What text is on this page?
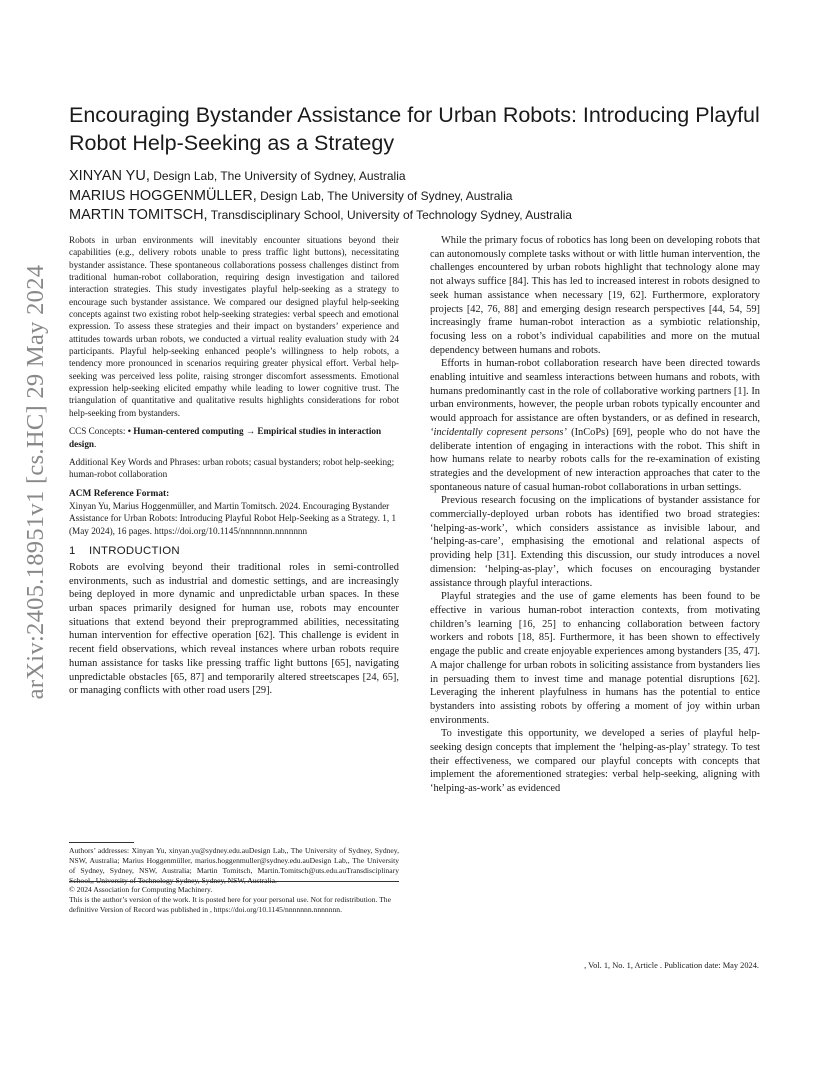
arXiv:2405.18951v1 [cs.HC] 29 May 2024
Encouraging Bystander Assistance for Urban Robots: Introducing Playful Robot Help-Seeking as a Strategy
XINYAN YU, Design Lab, The University of Sydney, Australia
MARIUS HOGGENMÜLLER, Design Lab, The University of Sydney, Australia
MARTIN TOMITSCH, Transdisciplinary School, University of Technology Sydney, Australia

Robots in urban environments will inevitably encounter situations beyond their capabilities (e.g., delivery robots unable to press traffic light buttons), necessitating bystander assistance. These spontaneous collaborations possess challenges distinct from traditional human-robot collaboration, requiring design investigation and tailored interaction strategies. This study investigates playful help-seeking as a strategy to encourage such bystander assistance. We compared our designed playful help-seeking concepts against two existing robot help-seeking strategies: verbal speech and emotional expression. To assess these strategies and their impact on bystanders’ experience and attitudes towards urban robots, we conducted a virtual reality evaluation study with 24 participants. Playful help-seeking enhanced people’s willingness to help robots, a tendency more pronounced in scenarios requiring greater physical effort. Verbal help-seeking was perceived less polite, raising stronger discomfort assessments. Emotional expression help-seeking elicited empathy while leading to lower cognitive trust. The triangulation of quantitative and qualitative results highlights considerations for robot help-seeking from bystanders.

CCS Concepts: • Human-centered computing → Empirical studies in interaction design.
Additional Key Words and Phrases: urban robots; casual bystanders; robot help-seeking; human-robot collaboration
ACM Reference Format:
Xinyan Yu, Marius Hoggenmüller, and Martin Tomitsch. 2024. Encouraging Bystander Assistance for Urban Robots: Introducing Playful Robot Help-Seeking as a Strategy. 1, 1 (May 2024), 16 pages. https://doi.org/10.1145/nnnnnnn.nnnnnnn
1 INTRODUCTION

Robots are evolving beyond their traditional roles in semi-controlled environments, such as industrial and domestic settings, and are increasingly being deployed in more dynamic and unpredictable urban spaces. In these urban spaces primarily designed for human use, robots may encounter situations that extend beyond their preprogrammed abilities, necessitating human intervention for effective operation [62]. This challenge is evident in recent field observations, which reveal instances where urban robots require human assistance for tasks like pressing traffic light buttons [65], navigating unpredictable obstacles [65, 87] and temporarily altered streetscapes [24, 65], or managing conflicts with other road users [29].

Authors’ addresses: Xinyan Yu, xinyan.yu@sydney.edu.auDesign Lab,, The University of Sydney, Sydney, NSW, Australia; Marius Hoggenmüller, marius.hoggenmuller@sydney.edu.auDesign Lab,, The University of Sydney, Sydney, NSW, Australia; Martin Tomitsch, Martin.Tomitsch@uts.edu.auTransdisciplinary School,, University of Technology Sydney, Sydney, NSW, Australia.

© 2024 Association for Computing Machinery.

This is the author’s version of the work. It is posted here for your personal use. Not for redistribution. The definitive Version of Record was published in , https://doi.org/10.1145/nnnnnnn.nnnnnnn.

While the primary focus of robotics has long been on developing robots that can autonomously complete tasks without or with little human intervention, the challenges encountered by urban robots highlight that technology alone may not always suffice [84]. This has led to increased interest in robots designed to seek human assistance when necessary [19, 62]. Furthermore, exploratory projects [42, 76, 88] and emerging design research perspectives [44, 54, 59] increasingly frame human-robot interaction as a symbiotic relationship, focusing less on a robot’s individual capabilities and more on the mutual dependency between humans and robots.

Efforts in human-robot collaboration research have been directed towards enabling intuitive and seamless interactions between humans and robots, with humans predominantly cast in the role of collaborative working partners [1]. In urban environments, however, the people urban robots typically encounter and would approach for assistance are often bystanders, or as defined in research, ‘incidentally copresent persons’ (InCoPs) [69], people who do not have the deliberate intention of engaging in interactions with the robot. This shift in how humans relate to nearby robots calls for the re-examination of existing strategies and the development of new interaction approaches that cater to the spontaneous nature of casual human-robot collaborations in urban settings.

Previous research focusing on the implications of bystander assistance for commercially-deployed urban robots has identified two broad strategies: ‘helping-as-work’, which considers assistance as invisible labour, and ‘helping-as-care’, emphasising the emotional and relational aspects of providing help [31]. Extending this discussion, our study introduces a novel dimension: ‘helping-as-play’, which focuses on encouraging bystander assistance through playful interactions.

Playful strategies and the use of game elements has been found to be effective in various human-robot interaction contexts, from motivating children’s learning [16, 25] to enhancing collaboration between factory workers and robots [18, 85]. Furthermore, it has been shown to effectively engage the public and create enjoyable experiences among bystanders [35, 47]. A major challenge for urban robots in soliciting assistance from bystanders lies in persuading them to invest time and manage potential disruptions [62]. Leveraging the inherent playfulness in humans has the potential to entice bystanders into assisting robots by offering a moment of joy within urban environments.

To investigate this opportunity, we developed a series of playful help-seeking design concepts that implement the ‘helping-as-play’ strategy. To test their effectiveness, we compared our playful concepts with concepts that implement the aforementioned strategies: verbal help-seeking, aligning with ‘helping-as-work’ as evidenced

, Vol. 1, No. 1, Article . Publication date: May 2024.
